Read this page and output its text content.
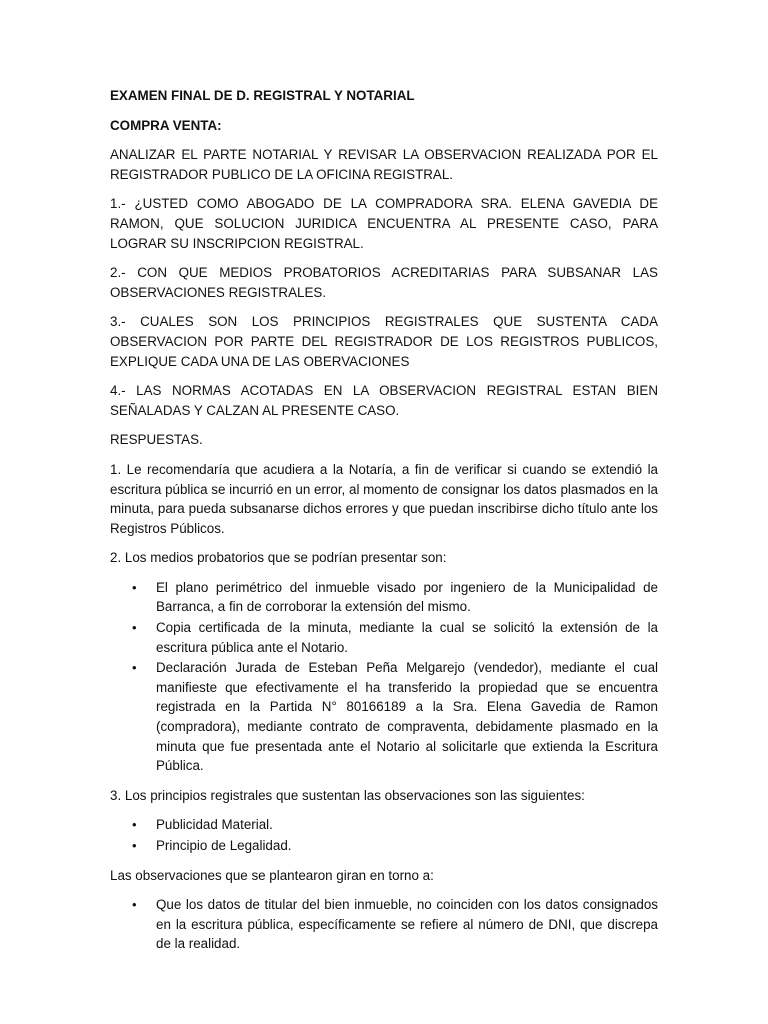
EXAMEN FINAL DE D. REGISTRAL Y NOTARIAL

COMPRA VENTA:

ANALIZAR EL PARTE NOTARIAL Y REVISAR LA OBSERVACION REALIZADA POR EL REGISTRADOR PUBLICO DE LA OFICINA REGISTRAL.

1.- ¿USTED COMO ABOGADO DE LA COMPRADORA SRA. ELENA GAVEDIA DE RAMON, QUE SOLUCION JURIDICA ENCUENTRA AL PRESENTE CASO, PARA LOGRAR SU INSCRIPCION REGISTRAL.

2.- CON QUE MEDIOS PROBATORIOS ACREDITARIAS PARA SUBSANAR LAS OBSERVACIONES REGISTRALES.

3.- CUALES SON LOS PRINCIPIOS REGISTRALES QUE SUSTENTA CADA OBSERVACION POR PARTE DEL REGISTRADOR DE LOS REGISTROS PUBLICOS, EXPLIQUE CADA UNA DE LAS OBERVACIONES

4.- LAS NORMAS ACOTADAS EN LA OBSERVACION REGISTRAL ESTAN BIEN SEÑALADAS Y CALZAN AL PRESENTE CASO.

RESPUESTAS.

1. Le recomendaría que acudiera a la Notaría, a fin de verificar si cuando se extendió la escritura pública se incurrió en un error, al momento de consignar los datos plasmados en la minuta, para pueda subsanarse dichos errores y que puedan inscribirse dicho título ante los Registros Públicos.

2. Los medios probatorios que se podrían presentar son:

• El plano perimétrico del inmueble visado por ingeniero de la Municipalidad de Barranca, a fin de corroborar la extensión del mismo.
• Copia certificada de la minuta, mediante la cual se solicitó la extensión de la escritura pública ante el Notario.
• Declaración Jurada de Esteban Peña Melgarejo (vendedor), mediante el cual manifieste que efectivamente el ha transferido la propiedad que se encuentra registrada en la Partida N° 80166189 a la Sra. Elena Gavedia de Ramon (compradora), mediante contrato de compraventa, debidamente plasmado en la minuta que fue presentada ante el Notario al solicitarle que extienda la Escritura Pública.

3. Los principios registrales que sustentan las observaciones son las siguientes:

• Publicidad Material.
• Principio de Legalidad.

Las observaciones que se plantearon giran en torno a:

• Que los datos de titular del bien inmueble, no coinciden con los datos consignados en la escritura pública, específicamente se refiere al número de DNI, que discrepa de la realidad.
